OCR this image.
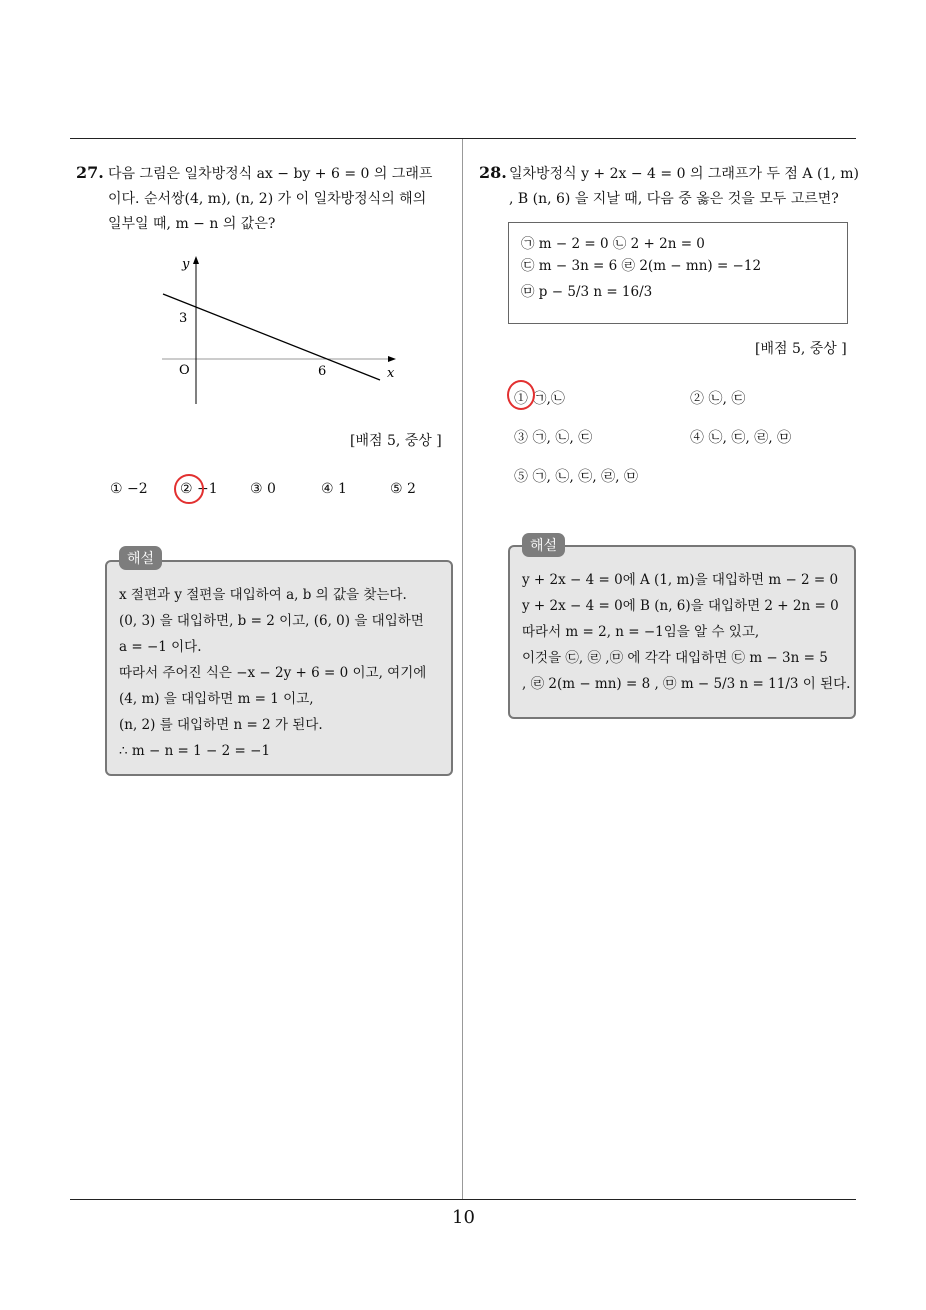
10
27. 다음 그림은 일차방정식 ax − by + 6 = 0 의 그래프
이다. 순서쌍(4, m), (n, 2) 가 이 일차방정식의 해의
일부일 때, m − n 의 값은?
y
x
O
3
6
[배점 5, 중상 ]
① −2 ② −1 ③ 0	④ 1	⑤ 2
x 절편과 y 절편을 대입하여 a, b 의 값을 찾는다.
(0, 3) 을 대입하면, b = 2 이고, (6, 0) 을 대입하면
a = −1 이다.
따라서 주어진 식은 −x − 2y + 6 = 0 이고, 여기에
(4, m) 을 대입하면 m = 1 이고,
(n, 2) 를 대입하면 n = 2 가 된다.
∴ m − n = 1 − 2 = −1
해설
28. 일차방정식 y + 2x − 4 = 0 의 그래프가 두 점 A (1, m)
, B (n, 6) 을 지날 때, 다음 중 옳은 것을 모두 고르면?
㉠ m − 2 = 0 ㉡ 2 + 2n = 0
㉢ m − 3n = 6 ㉣ 2(m − mn) = −12
㉤ p − 5/3 n = 16/3
[배점 5, 중상 ]
① ㉠,㉡	② ㉡, ㉢
③ ㉠, ㉡, ㉢	④ ㉡, ㉢, ㉣, ㉤
⑤ ㉠, ㉡, ㉢, ㉣, ㉤
y + 2x − 4 = 0에 A (1, m)을 대입하면 m − 2 = 0
y + 2x − 4 = 0에 B (n, 6)을 대입하면 2 + 2n = 0
따라서 m = 2, n = −1임을 알 수 있고,
이것을 ㉢, ㉣ ,㉤ 에 각각 대입하면 ㉢ m − 3n = 5
, ㉣ 2(m − mn) = 8 , ㉤ m − 5/3 n = 11/3 이 된다.
해설
